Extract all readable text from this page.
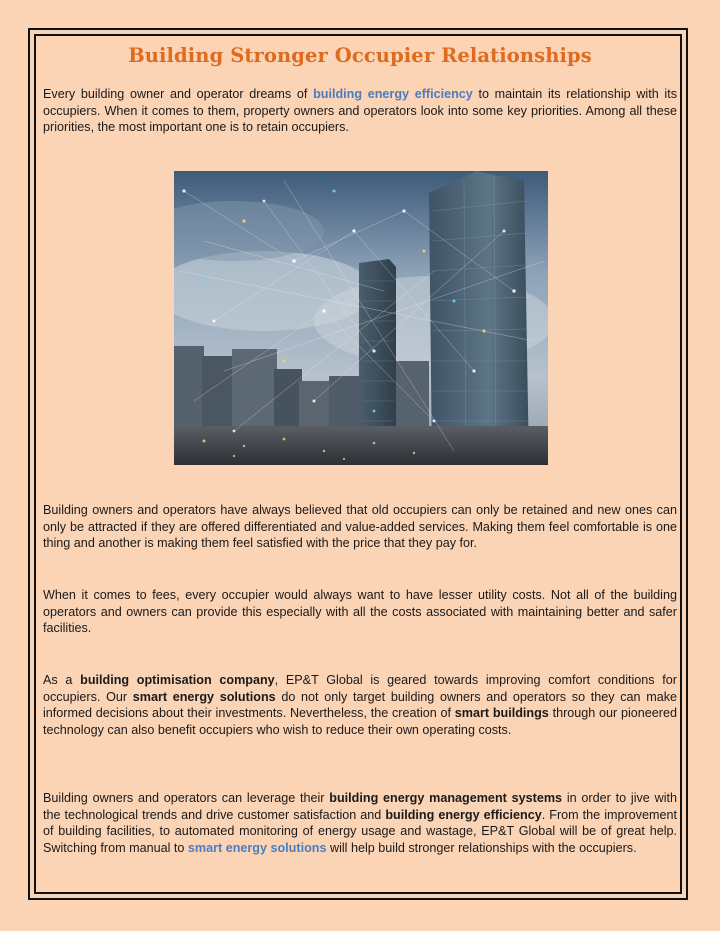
Building Stronger Occupier Relationships
Every building owner and operator dreams of building energy efficiency to maintain its relationship with its occupiers. When it comes to them, property owners and operators look into some key priorities. Among all these priorities, the most important one is to retain occupiers.
Building owners and operators have always believed that old occupiers can only be retained and new ones can only be attracted if they are offered differentiated and value-added services. Making them feel comfortable is one thing and another is making them feel satisfied with the price that they pay for.
When it comes to fees, every occupier would always want to have lesser utility costs. Not all of the building operators and owners can provide this especially with all the costs associated with maintaining better and safer facilities.
As a building optimisation company, EP&T Global is geared towards improving comfort conditions for occupiers. Our smart energy solutions do not only target building owners and operators so they can make informed decisions about their investments. Nevertheless, the creation of smart buildings through our pioneered technology can also benefit occupiers who wish to reduce their own operating costs.
Building owners and operators can leverage their building energy management systems in order to jive with the technological trends and drive customer satisfaction and building energy efficiency. From the improvement of building facilities, to automated monitoring of energy usage and wastage, EP&T Global will be of great help. Switching from manual to smart energy solutions will help build stronger relationships with the occupiers.
